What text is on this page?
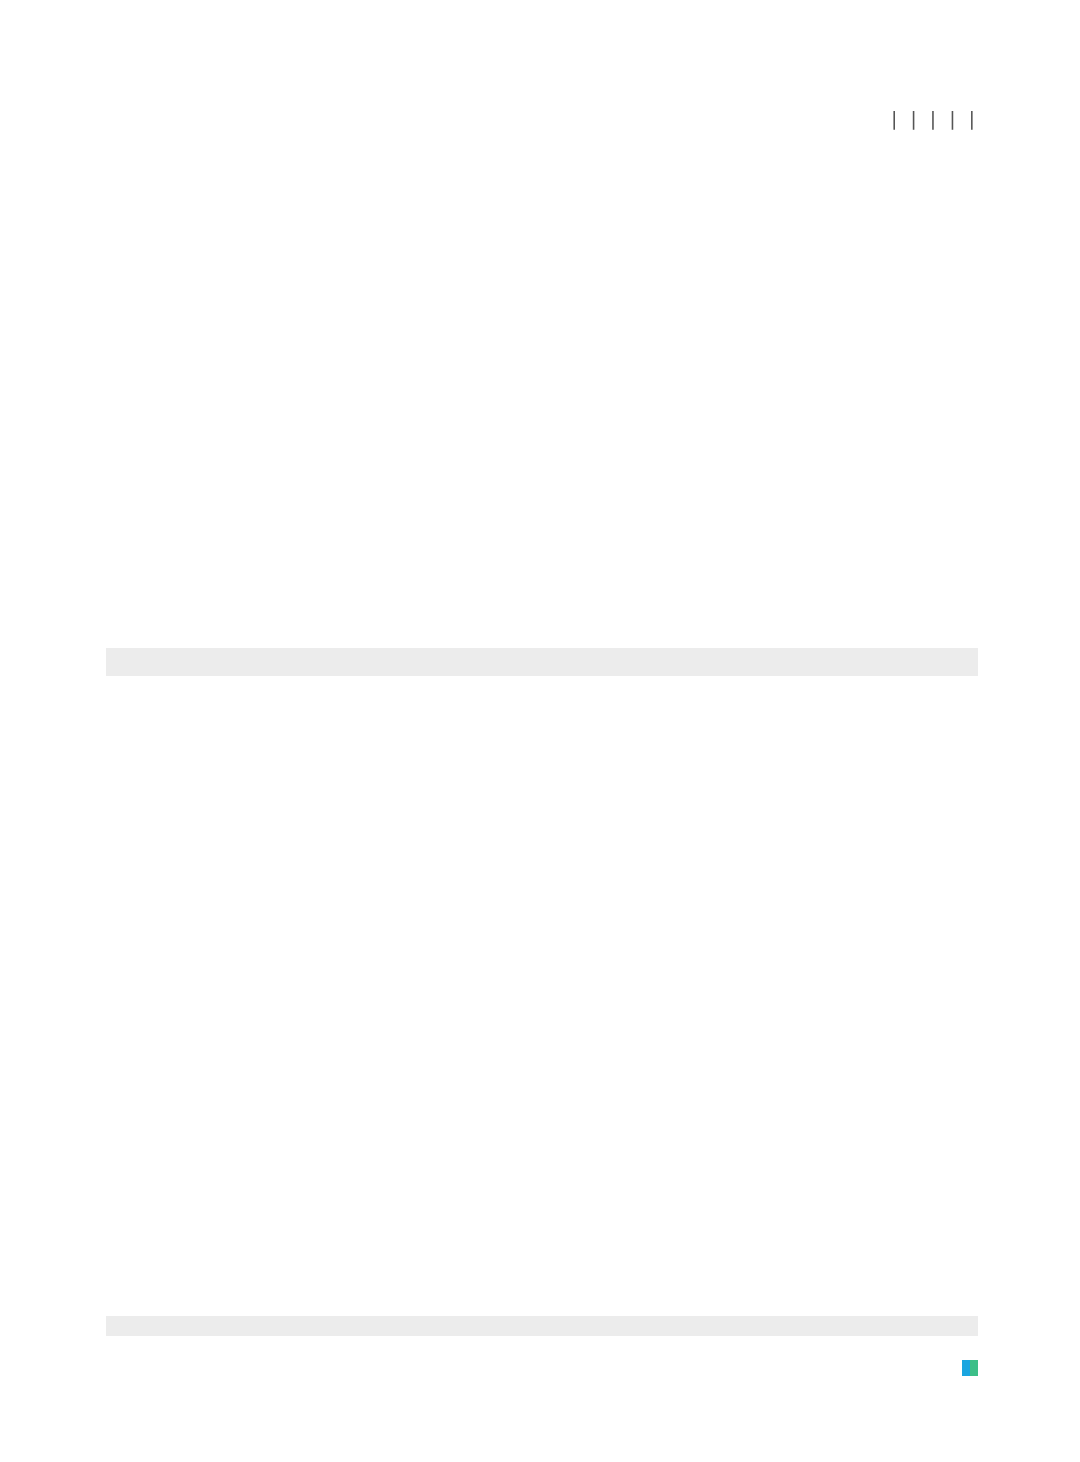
| | | | |
